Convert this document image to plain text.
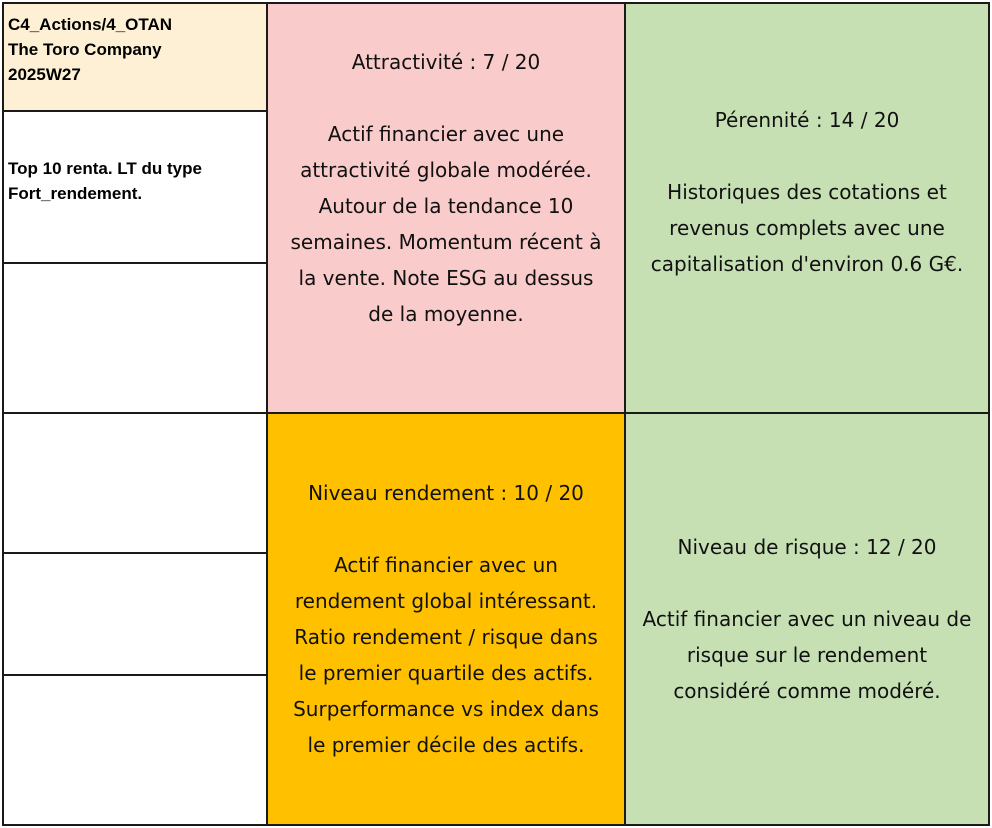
C4_Actions/4_OTAN
The Toro Company
2025W27
Top 10 renta. LT du type
Fort_rendement.
Attractivité : 7 / 20
Actif financier avec une
attractivité globale modérée.
Autour de la tendance 10
semaines. Momentum récent à
la vente. Note ESG au dessus
de la moyenne.
Pérennité : 14 / 20
Historiques des cotations et
revenus complets avec une
capitalisation d'environ 0.6 G€.
Niveau rendement : 10 / 20
Actif financier avec un
rendement global intéressant.
Ratio rendement / risque dans
le premier quartile des actifs.
Surperformance vs index dans
le premier décile des actifs.
Niveau de risque : 12 / 20
Actif financier avec un niveau de
risque sur le rendement
considéré comme modéré.
